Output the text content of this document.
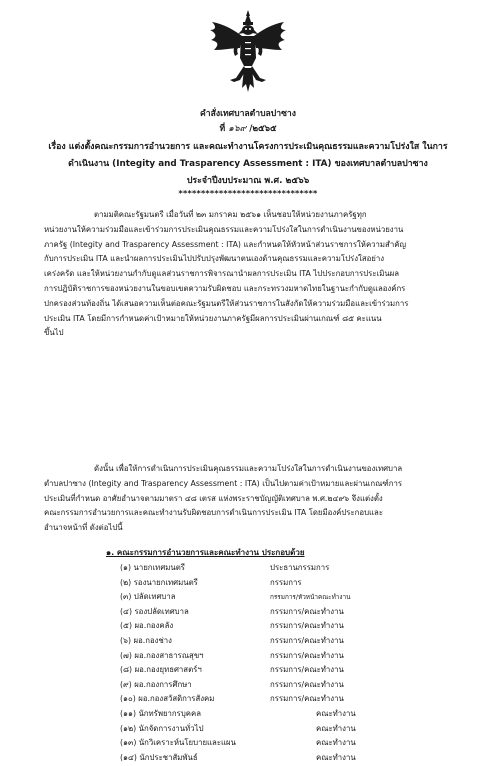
คำสั่งเทศบาลตำบลปาซาง
ที่ ๑๖๙ /๒๕๖๕
เรื่อง แต่งตั้งคณะกรรมการอำนวยการ และคณะทำงานโครงการประเมินคุณธรรมและความโปร่งใส ในการ
ดำเนินงาน (Integity and Trasparency Assessment : ITA) ของเทศบาลตำบลปาซาง
ประจำปีงบประมาณ พ.ศ. ๒๕๖๖
*******************************
ตามมติคณะรัฐมนตรี เมื่อวันที่ ๒๓ มกราคม ๒๕๖๑ เห็นชอบให้หน่วยงานภาครัฐทุก
หน่วยงานให้ความร่วมมือและเข้าร่วมการประเมินคุณธรรมและความโปร่งใสในการดำเนินงานของหน่วยงาน
ภาครัฐ (Integity and Trasparency Assessment : ITA) และกำหนดให้หัวหน้าส่วนราชการให้ความสำคัญ
กับการประเมิน ITA และนำผลการประเมินไปปรับปรุงพัฒนาตนเองด้านคุณธรรมและความโปร่งใสอย่าง
เคร่งครัด และให้หน่วยงานกำกับดูแลส่วนราชการพิจารณานำผลการประเมิน ITA ไปประกอบการประเมินผล
การปฏิบัติราชการของหน่วยงานในขอบเขตความรับผิดชอบ และกระทรวงมหาดไทยในฐานะกำกับดูแลองค์กร
ปกครองส่วนท้องถิ่น ได้เสนอความเห็นต่อคณะรัฐมนตรีให้ส่วนราชการในสังกัดให้ความร่วมมือและเข้าร่วมการ
ประเมิน ITA โดยมีการกำหนดค่าเป้าหมายให้หน่วยงานภาครัฐมีผลการประเมินผ่านเกณฑ์ ๘๕ คะแนน
ขึ้นไป
ดังนั้น เพื่อให้การดำเนินการประเมินคุณธรรมและความโปร่งใสในการดำเนินงานของเทศบาล
ตำบลปาซาง (Integity and Trasparency Assessment : ITA) เป็นไปตามค่าเป้าหมายและผ่านเกณฑ์การ
ประเมินที่กำหนด อาศัยอำนาจตามมาตรา ๔๘ เตรส แห่งพระราชบัญญัติเทศบาล พ.ศ.๒๔๙๖ จึงแต่งตั้ง
คณะกรรมการอำนวยการและคณะทำงานรับผิดชอบการดำเนินการประเมิน ITA โดยมีองค์ประกอบและ
อำนาจหน้าที่ ดังต่อไปนี้
๑. คณะกรรมการอำนวยการและคณะทำงาน ประกอบด้วย
(๑) นายกเทศมนตรี	ประธานกรรมการ
(๒) รองนายกเทศมนตรี	กรรมการ
(๓) ปลัดเทศบาล	กรรมการ/หัวหน้าคณะทำงาน
(๔) รองปลัดเทศบาล	กรรมการ/คณะทำงาน
(๕) ผอ.กองคลัง	กรรมการ/คณะทำงาน
(๖) ผอ.กองช่าง	กรรมการ/คณะทำงาน
(๗) ผอ.กองสาธารณสุขฯ	กรรมการ/คณะทำงาน
(๘) ผอ.กองยุทธศาสตร์ฯ	กรรมการ/คณะทำงาน
(๙) ผอ.กองการศึกษา	กรรมการ/คณะทำงาน
(๑๐) ผอ.กองสวัสดิการสังคม	กรรมการ/คณะทำงาน
(๑๑) นักทรัพยากรบุคคล	คณะทำงาน
(๑๒) นักจัดการงานทั่วไป	คณะทำงาน
(๑๓) นักวิเคราะห์นโยบายและแผน	คณะทำงาน
(๑๔) นักประชาสัมพันธ์	คณะทำงาน
